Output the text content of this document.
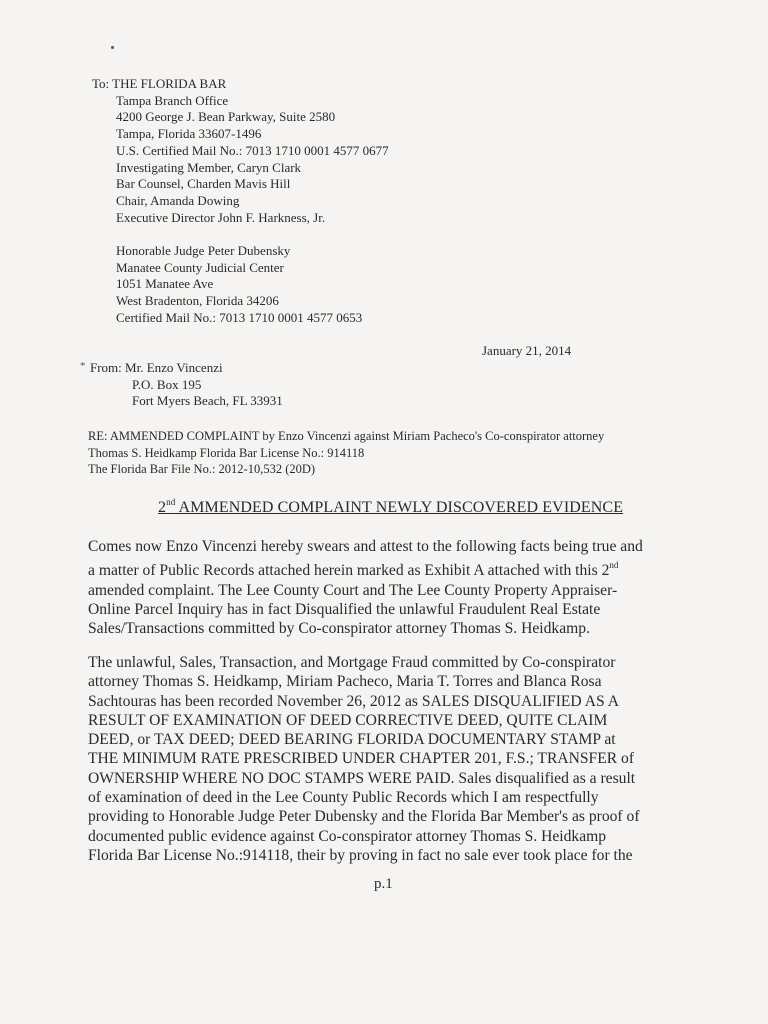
*
To: THE FLORIDA BAR
Tampa Branch Office
4200 George J. Bean Parkway, Suite 2580
Tampa, Florida 33607-1496
U.S. Certified Mail No.: 7013 1710 0001 4577 0677
Investigating Member, Caryn Clark
Bar Counsel, Charden Mavis Hill
Chair, Amanda Dowing
Executive Director John F. Harkness, Jr.
Honorable Judge Peter Dubensky
Manatee County Judicial Center
1051 Manatee Ave
West Bradenton, Florida 34206
Certified Mail No.: 7013 1710 0001 4577 0653
January 21, 2014
From: Mr. Enzo Vincenzi
P.O. Box 195
Fort Myers Beach, FL 33931
RE: AMMENDED COMPLAINT by Enzo Vincenzi against Miriam Pacheco's Co-conspirator attorney
Thomas S. Heidkamp Florida Bar License No.: 914118
The Florida Bar File No.: 2012-10,532 (20D)
2nd AMMENDED COMPLAINT NEWLY DISCOVERED EVIDENCE
Comes now Enzo Vincenzi hereby swears and attest to the following facts being true and
a matter of Public Records attached herein marked as Exhibit A attached with this 2nd
amended complaint. The Lee County Court and The Lee County Property Appraiser-
Online Parcel Inquiry has in fact Disqualified the unlawful Fraudulent Real Estate
Sales/Transactions committed by Co-conspirator attorney Thomas S. Heidkamp.
The unlawful, Sales, Transaction, and Mortgage Fraud committed by Co-conspirator
attorney Thomas S. Heidkamp, Miriam Pacheco, Maria T. Torres and Blanca Rosa
Sachtouras has been recorded November 26, 2012 as SALES DISQUALIFIED AS A
RESULT OF EXAMINATION OF DEED CORRECTIVE DEED, QUITE CLAIM
DEED, or TAX DEED; DEED BEARING FLORIDA DOCUMENTARY STAMP at
THE MINIMUM RATE PRESCRIBED UNDER CHAPTER 201, F.S.; TRANSFER of
OWNERSHIP WHERE NO DOC STAMPS WERE PAID. Sales disqualified as a result
of examination of deed in the Lee County Public Records which I am respectfully
providing to Honorable Judge Peter Dubensky and the Florida Bar Member's as proof of
documented public evidence against Co-conspirator attorney Thomas S. Heidkamp
Florida Bar License No.:914118, their by proving in fact no sale ever took place for the
p.1
